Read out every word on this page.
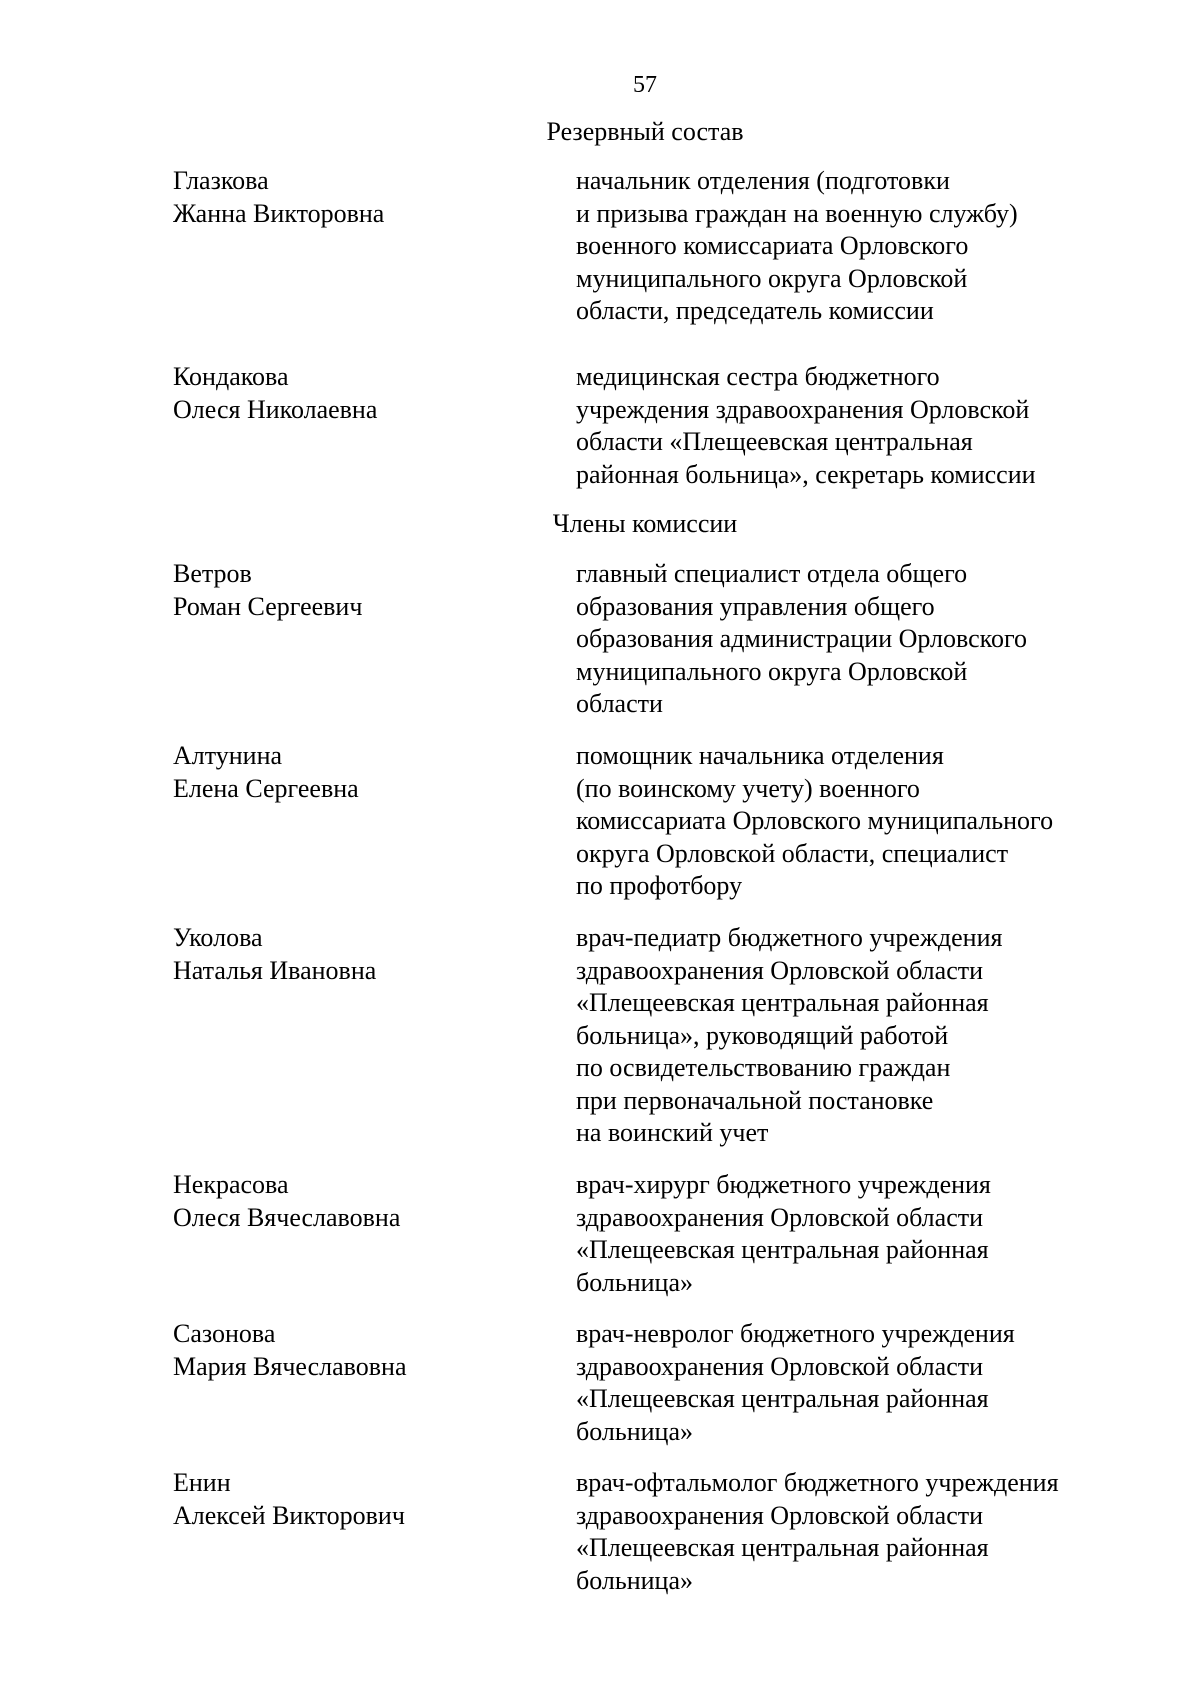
57
Резервный состав
Глазкова
Жанна Викторовна
начальник отделения (подготовки
и призыва граждан на военную службу)
военного комиссариата Орловского
муниципального округа Орловской
области, председатель комиссии
Кондакова
Олеся Николаевна
медицинская сестра бюджетного
учреждения здравоохранения Орловской
области «Плещеевская центральная
районная больница», секретарь комиссии
Члены комиссии
Ветров
Роман Сергеевич
главный специалист отдела общего
образования управления общего
образования администрации Орловского
муниципального округа Орловской
области
Алтунина
Елена Сергеевна
помощник начальника отделения
(по воинскому учету) военного
комиссариата Орловского муниципального
округа Орловской области, специалист
по профотбору
Уколова
Наталья Ивановна
врач-педиатр бюджетного учреждения
здравоохранения Орловской области
«Плещеевская центральная районная
больница», руководящий работой
по освидетельствованию граждан
при первоначальной постановке
на воинский учет
Некрасова
Олеся Вячеславовна
врач-хирург бюджетного учреждения
здравоохранения Орловской области
«Плещеевская центральная районная
больница»
Сазонова
Мария Вячеславовна
врач-невролог бюджетного учреждения
здравоохранения Орловской области
«Плещеевская центральная районная
больница»
Енин
Алексей Викторович
врач-офтальмолог бюджетного учреждения
здравоохранения Орловской области
«Плещеевская центральная районная
больница»
